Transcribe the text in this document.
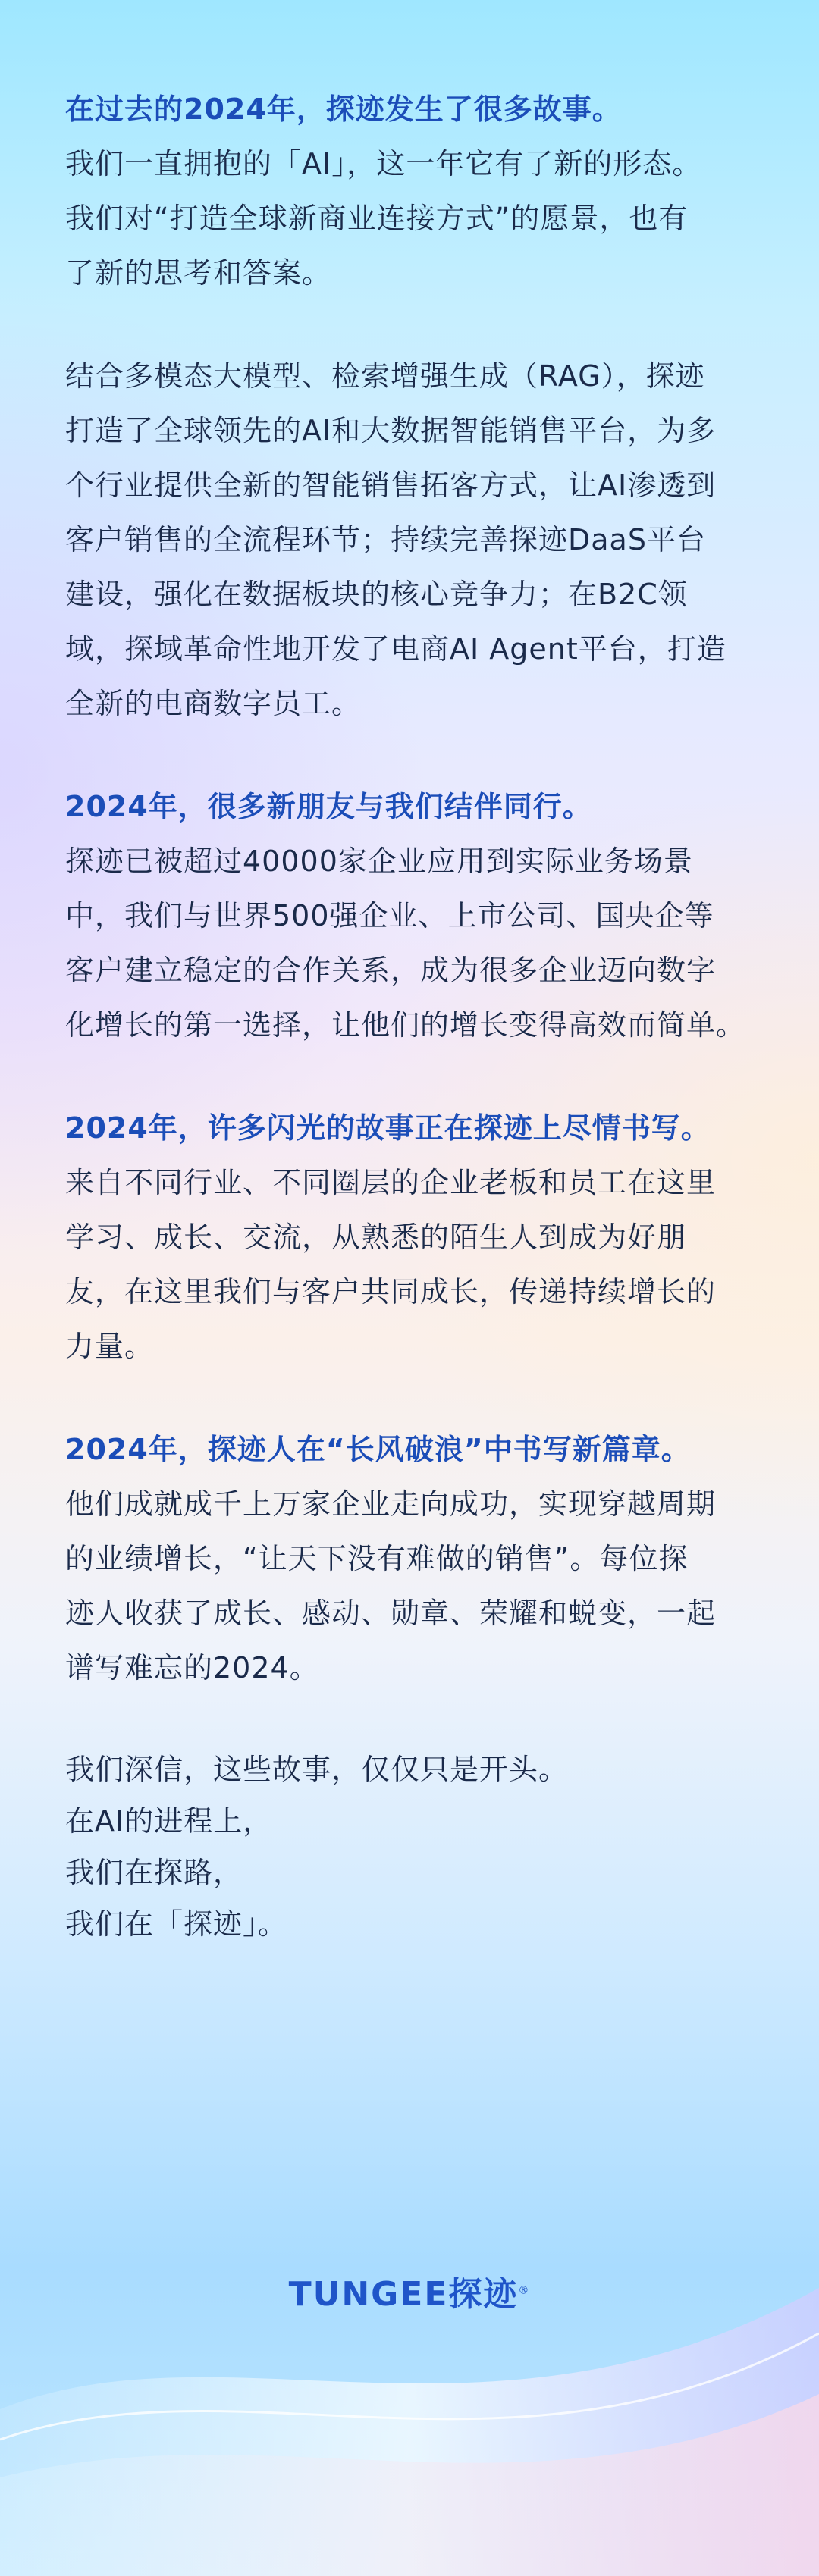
在过去的2024年，探迹发生了很多故事。

我们一直拥抱的「AI」，这一年它有了新的形态。

我们对“打造全球新商业连接方式”的愿景，也有

了新的思考和答案。

结合多模态大模型、检索增强生成（RAG），探迹

打造了全球领先的AI和大数据智能销售平台，为多

个行业提供全新的智能销售拓客方式，让AI渗透到

客户销售的全流程环节；持续完善探迹DaaS平台

建设，强化在数据板块的核心竞争力；在B2C领

域，探域革命性地开发了电商AI Agent平台，打造

全新的电商数字员工。

2024年，很多新朋友与我们结伴同行。

探迹已被超过40000家企业应用到实际业务场景

中，我们与世界500强企业、上市公司、国央企等

客户建立稳定的合作关系，成为很多企业迈向数字

化增长的第一选择，让他们的增长变得高效而简单。

2024年，许多闪光的故事正在探迹上尽情书写。

来自不同行业、不同圈层的企业老板和员工在这里

学习、成长、交流，从熟悉的陌生人到成为好朋

友，在这里我们与客户共同成长，传递持续增长的

力量。

2024年，探迹人在“长风破浪”中书写新篇章。

他们成就成千上万家企业走向成功，实现穿越周期

的业绩增长，“让天下没有难做的销售”。每位探

迹人收获了成长、感动、勋章、荣耀和蜕变，一起

谱写难忘的2024。

我们深信，这些故事，仅仅只是开头。

在AI的进程上，

我们在探路，

我们在「探迹」。

TUNGEE探迹®
